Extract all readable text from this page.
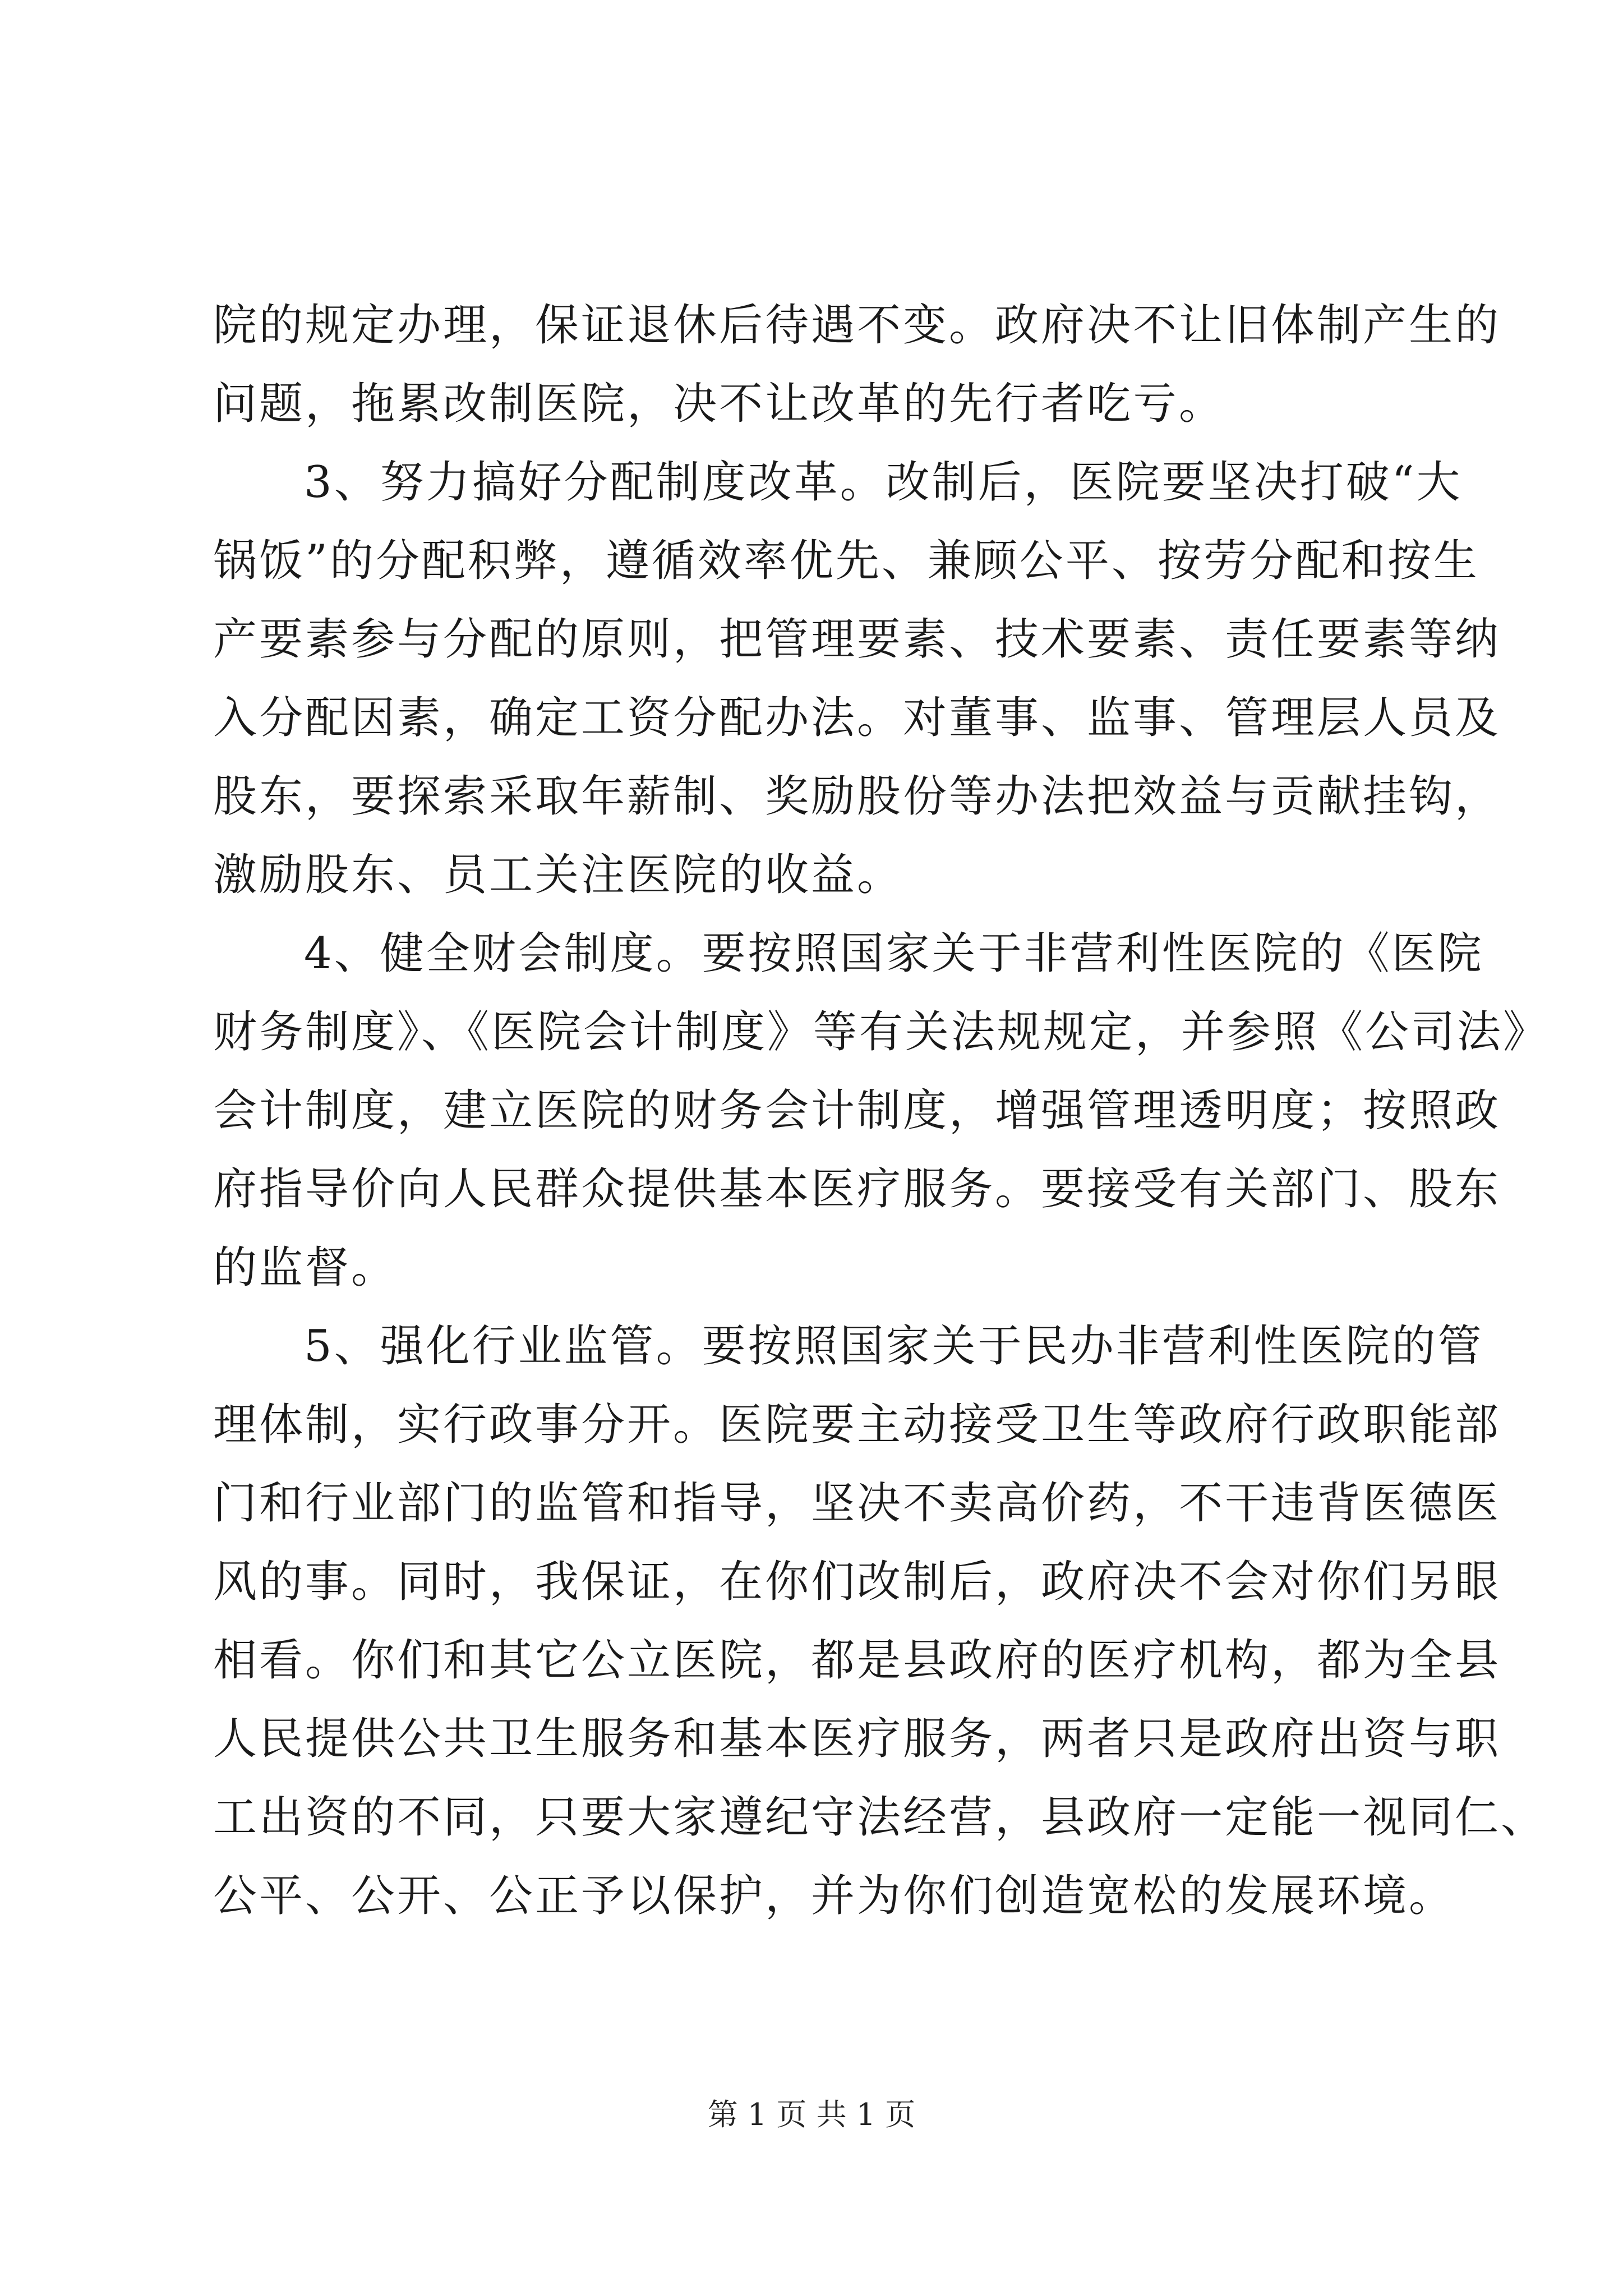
院的规定办理，保证退休后待遇不变。政府决不让旧体制产生的
问题，拖累改制医院，决不让改革的先行者吃亏。
3、努力搞好分配制度改革。改制后，医院要坚决打破“大
锅饭”的分配积弊，遵循效率优先、兼顾公平、按劳分配和按生
产要素参与分配的原则，把管理要素、技术要素、责任要素等纳
入分配因素，确定工资分配办法。对董事、监事、管理层人员及
股东，要探索采取年薪制、奖励股份等办法把效益与贡献挂钩，
激励股东、员工关注医院的收益。
4、健全财会制度。要按照国家关于非营利性医院的《医院
财务制度》、《医院会计制度》等有关法规规定，并参照《公司法》
会计制度，建立医院的财务会计制度，增强管理透明度；按照政
府指导价向人民群众提供基本医疗服务。要接受有关部门、股东
的监督。
5、强化行业监管。要按照国家关于民办非营利性医院的管
理体制，实行政事分开。医院要主动接受卫生等政府行政职能部
门和行业部门的监管和指导，坚决不卖高价药，不干违背医德医
风的事。同时，我保证，在你们改制后，政府决不会对你们另眼
相看。你们和其它公立医院，都是县政府的医疗机构，都为全县
人民提供公共卫生服务和基本医疗服务，两者只是政府出资与职
工出资的不同，只要大家遵纪守法经营，县政府一定能一视同仁、
公平、公开、公正予以保护，并为你们创造宽松的发展环境。
第 1 页 共 1 页
